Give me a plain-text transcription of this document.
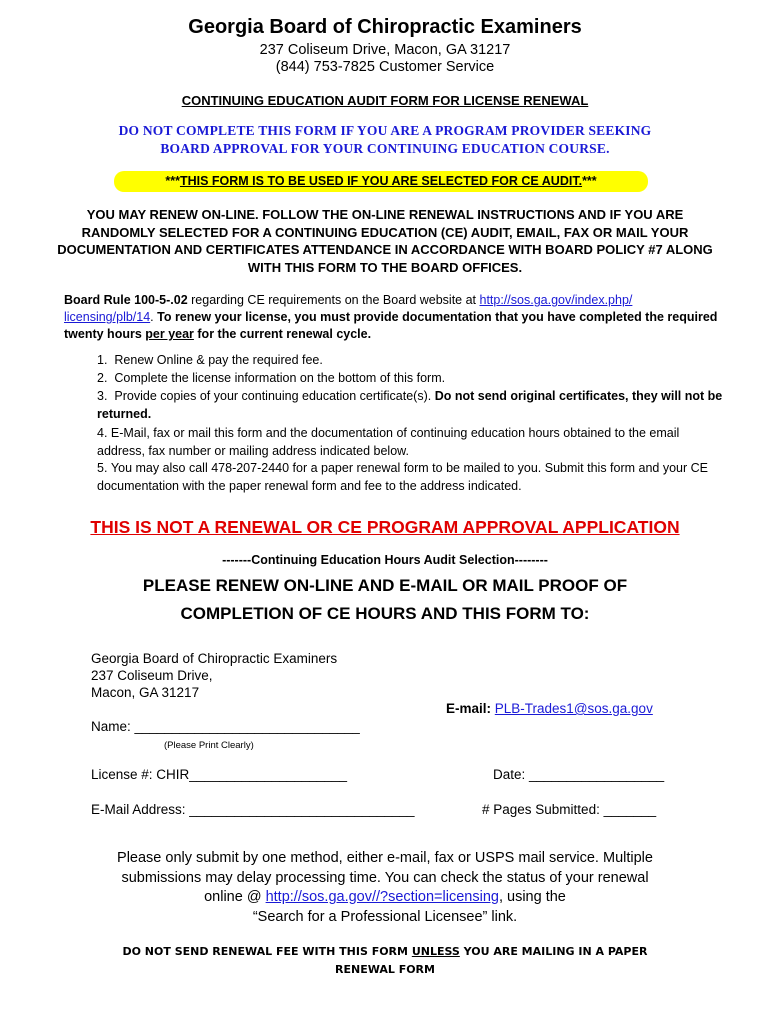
Georgia Board of Chiropractic Examiners
237 Coliseum Drive, Macon, GA 31217
(844) 753-7825 Customer Service
CONTINUING EDUCATION AUDIT FORM FOR LICENSE RENEWAL
DO NOT COMPLETE THIS FORM IF YOU ARE A PROGRAM PROVIDER SEEKING
BOARD APPROVAL FOR YOUR CONTINUING EDUCATION COURSE.
***THIS FORM IS TO BE USED IF YOU ARE SELECTED FOR CE AUDIT.***
YOU MAY RENEW ON-LINE. FOLLOW THE ON-LINE RENEWAL INSTRUCTIONS AND IF YOU ARE RANDOMLY SELECTED FOR A CONTINUING EDUCATION (CE) AUDIT, EMAIL, FAX OR MAIL YOUR DOCUMENTATION AND CERTIFICATES ATTENDANCE IN ACCORDANCE WITH BOARD POLICY #7 ALONG WITH THIS FORM TO THE BOARD OFFICES.
Board Rule 100-5-.02 regarding CE requirements on the Board website at http://sos.ga.gov/index.php/
licensing/plb/14. To renew your license, you must provide documentation that you have completed the required twenty hours per year for the current renewal cycle.
1. Renew Online & pay the required fee.
2. Complete the license information on the bottom of this form.
3. Provide copies of your continuing education certificate(s). Do not send original certificates, they will not be returned.
4. E-Mail, fax or mail this form and the documentation of continuing education hours obtained to the email address, fax number or mailing address indicated below.
5. You may also call 478-207-2440 for a paper renewal form to be mailed to you. Submit this form and your CE documentation with the paper renewal form and fee to the address indicated.
THIS IS NOT A RENEWAL OR CE PROGRAM APPROVAL APPLICATION
-------Continuing Education Hours Audit Selection--------
PLEASE RENEW ON-LINE AND E-MAIL OR MAIL PROOF OF
COMPLETION OF CE HOURS AND THIS FORM TO:
Georgia Board of Chiropractic Examiners
237 Coliseum Drive,
Macon, GA 31217
E-mail: PLB-Trades1@sos.ga.gov
Name: ______________________________
(Please Print Clearly)
License #: CHIR_____________________	Date: __________________
E-Mail Address: ______________________________	# Pages Submitted: _______
Please only submit by one method, either e-mail, fax or USPS mail service. Multiple
submissions may delay processing time. You can check the status of your renewal
online @ http://sos.ga.gov//?section=licensing, using the
“Search for a Professional Licensee” link.
DO NOT SEND RENEWAL FEE WITH THIS FORM UNLESS YOU ARE MAILING IN A PAPER
RENEWAL FORM
